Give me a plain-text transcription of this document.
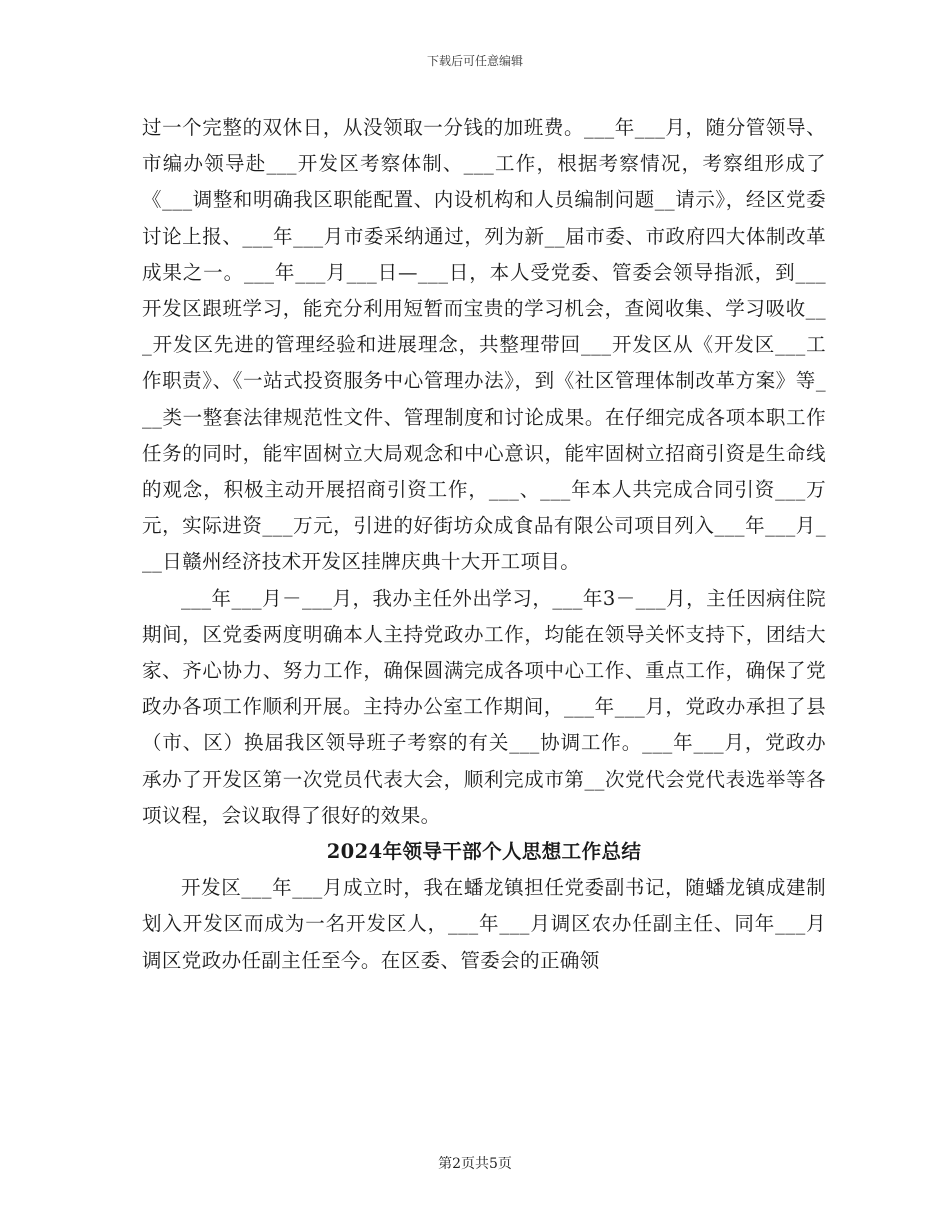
下载后可任意编辑

过一个完整的双休日，从没领取一分钱的加班费。___年___月，随分管领导、市编办领导赴___开发区考察体制、___工作，根据考察情况，考察组形成了《___调整和明确我区职能配置、内设机构和人员编制问题__请示》，经区党委讨论上报、___年___月市委采纳通过，列为新__届市委、市政府四大体制改革成果之一。___年___月___日—___日，本人受党委、管委会领导指派，到___开发区跟班学习，能充分利用短暂而宝贵的学习机会，查阅收集、学习吸收___开发区先进的管理经验和进展理念，共整理带回___开发区从《开发区___工作职责》、《一站式投资服务中心管理办法》，到《社区管理体制改革方案》等___类一整套法律规范性文件、管理制度和讨论成果。在仔细完成各项本职工作任务的同时，能牢固树立大局观念和中心意识，能牢固树立招商引资是生命线的观念，积极主动开展招商引资工作，___、___年本人共完成合同引资___万元，实际进资___万元，引进的好街坊众成食品有限公司项目列入___年___月___日赣州经济技术开发区挂牌庆典十大开工项目。

___年___月－___月，我办主任外出学习，___年3－___月，主任因病住院期间，区党委两度明确本人主持党政办工作，均能在领导关怀支持下，团结大家、齐心协力、努力工作，确保圆满完成各项中心工作、重点工作，确保了党政办各项工作顺利开展。主持办公室工作期间，___年___月，党政办承担了县（市、区）换届我区领导班子考察的有关___协调工作。___年___月，党政办承办了开发区第一次党员代表大会，顺利完成市第__次党代会党代表选举等各项议程，会议取得了很好的效果。

2024年领导干部个人思想工作总结

开发区___年___月成立时，我在蟠龙镇担任党委副书记，随蟠龙镇成建制划入开发区而成为一名开发区人，___年___月调区农办任副主任、同年___月调区党政办任副主任至今。在区委、管委会的正确领

第2页共5页
